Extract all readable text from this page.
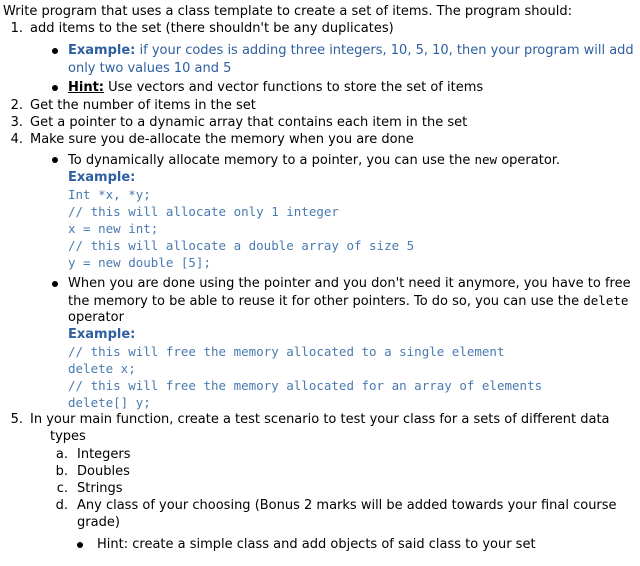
Write program that uses a class template to create a set of items. The program should:
1. add items to the set (there shouldn't be any duplicates)
Example: if your codes is adding three integers, 10, 5, 10, then your program will add
only two values 10 and 5
Hint: Use vectors and vector functions to store the set of items
2. Get the number of items in the set
3. Get a pointer to a dynamic array that contains each item in the set
4. Make sure you de-allocate the memory when you are done
To dynamically allocate memory to a pointer, you can use the new operator.
Example:
Int *x, *y;
// this will allocate only 1 integer
x = new int;
// this will allocate a double array of size 5
y = new double [5];
When you are done using the pointer and you don't need it anymore, you have to free
the memory to be able to reuse it for other pointers. To do so, you can use the delete
operator
Example:
// this will free the memory allocated to a single element
delete x;
// this will free the memory allocated for an array of elements
delete[] y;
5. In your main function, create a test scenario to test your class for a sets of different data
types
a. Integers
b. Doubles
c. Strings
d. Any class of your choosing (Bonus 2 marks will be added towards your final course
grade)
Hint: create a simple class and add objects of said class to your set
